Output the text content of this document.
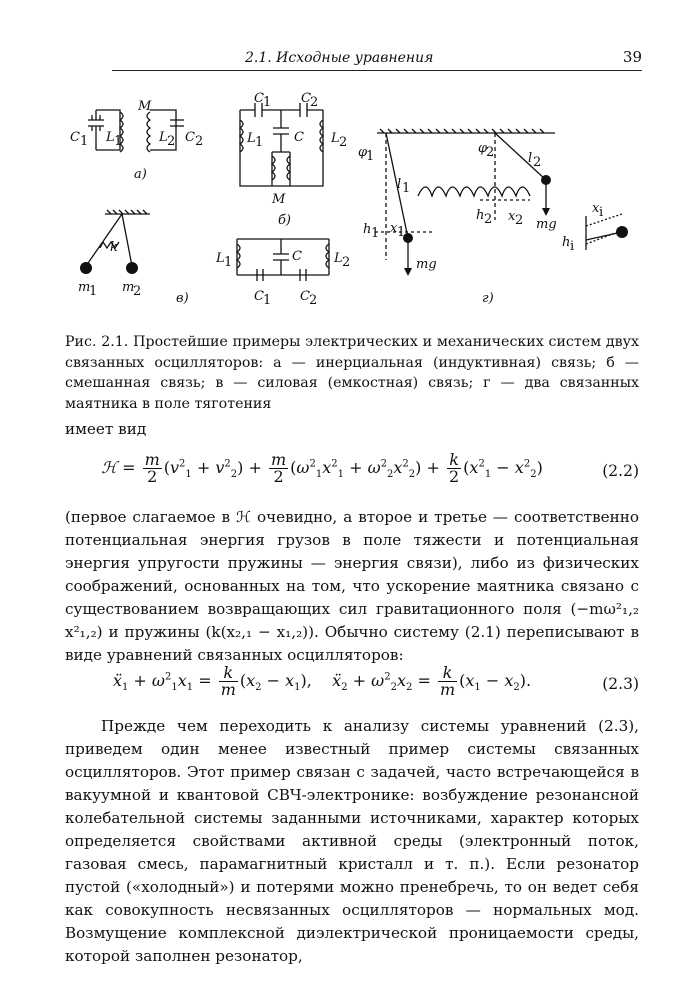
2.1. Исходные уравнения	39
M
C 1 L 1	L 2 C 2
а)
C 1 C 2
L 1 C L 2
M
б)
k
m
1 m
2	в)
L 1	C L 2
C 1 C 2
φ
1
φ
2
l 1
l 2
h 1 x 1
h 2 x 2 mg
mg
x i
h i
г)
Рис. 2.1. Простейшие примеры электрических и механических систем двух связанных осцилляторов: а — инерциальная (индуктивная) связь; б — смешанная связь; в — силовая (емкостная) связь; г — два связанных маятника в поле тяготения
имеет вид
ℋ = $\frac{m}{2} (v^2_1 + v^2_2) + \frac{m}{2} (\omega^2_1x^2_1 + \omega^2_2x^2_2) + \frac{k}{2} (x^2_1 - x^2_2)$	(2.2)
(первое слагаемое в ℋ очевидно, а второе и третье — соответственно потенциальная энергия грузов в поле тяжести и потенциальная энергия упругости пружины — энергия связи), либо из физических соображений, основанных на том, что ускорение маятника связано с существованием возвращающих сил гравитационного поля (−mω²₁,₂ x²₁,₂) и пружины (k(x₂,₁ − x₁,₂)). Обычно систему (2.1) переписывают в виде уравнений связанных осцилляторов:
ẍ$_1$ + $\omega^2_1x_1 = \frac{k}{m} (x_2 - x_1)$,    ẍ$_2$ + $\omega^2_2x_2 = \frac{k}{m} (x_1 - x_2)$.	(2.3)
Прежде чем переходить к анализу системы уравнений (2.3), приведем один менее известный пример системы связанных осцилляторов. Этот пример связан с задачей, часто встречающейся в вакуумной и квантовой СВЧ-электронике: возбуждение резонансной колебательной системы заданными источниками, характер которых определяется свойствами активной среды (электронный поток, газовая смесь, парамагнитный кристалл и т. п.). Если резонатор пустой («холодный») и потерями можно пренебречь, то он ведет себя как совокупность несвязанных осцилляторов — нормальных мод. Возмущение комплексной диэлектрической проницаемости среды, которой заполнен резонатор,
